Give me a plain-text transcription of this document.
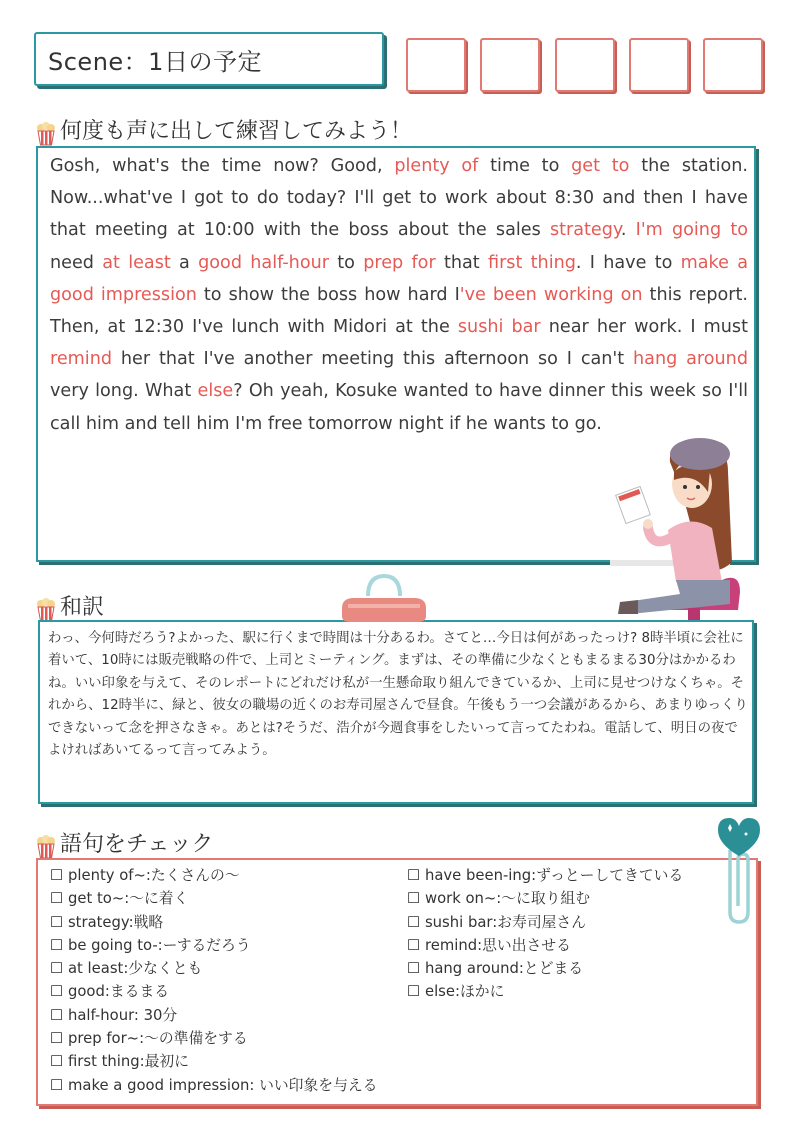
Scene：1日の予定
何度も声に出して練習してみよう！
Gosh, what's the time now? Good, plenty of time to get to the station. Now...what've I got to do today? I'll get to work about 8:30 and then I have that meeting at 10:00 with the boss about the sales strategy. I'm going to need at least a good half-hour to prep for that first thing. I have to make a good impression to show the boss how hard I've been working on this report. Then, at 12:30 I've lunch with Midori at the sushi bar near her work. I must remind her that I've another meeting this afternoon so I can't hang around very long. What else? Oh yeah, Kosuke wanted to have dinner this week so I'll call him and tell him I'm free tomorrow night if he wants to go.
和訳
わっ、今何時だろう?よかった、駅に行くまで時間は十分あるわ。さてと…今日は何があったっけ? 8時半頃に会社に着いて、10時には販売戦略の件で、上司とミーティング。まずは、その準備に少なくともまるまる30分はかかるわね。いい印象を与えて、そのレポートにどれだけ私が一生懸命取り組んできているか、上司に見せつけなくちゃ。それから、12時半に、緑と、彼女の職場の近くのお寿司屋さんで昼食。午後もう一つ会議があるから、あまりゆっくりできないって念を押さなきゃ。あとは?そうだ、浩介が今週食事をしたいって言ってたわね。電話して、明日の夜でよければあいてるって言ってみよう。
語句をチェック
☐ plenty of~:たくさんの～
☐ get to~:～に着く
☐ strategy:戦略
☐ be going to-:ーするだろう
☐ at least:少なくとも
☐ good:まるまる
☐ half-hour: 30分
☐ prep for~:～の準備をする
☐ first thing:最初に
☐ make a good impression: いい印象を与える
☐ have been-ing:ずっとーしてきている
☐ work on~:～に取り組む
☐ sushi bar:お寿司屋さん
☐ remind:思い出させる
☐ hang around:とどまる
☐ else:ほかに
